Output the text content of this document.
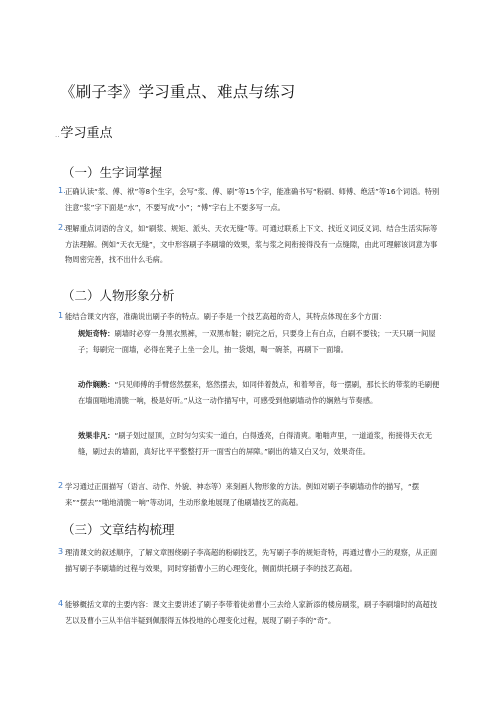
《刷子李》学习重点、难点与练习
..学习重点
（一）生字词掌握
1. 正确认读“浆、傅、袱”等8个生字，会写“浆、傅、刷”等15个字，能准确书写“粉刷、师傅、绝活”等16个词语。特别注意“浆”字下面是“水”，不要写成“小”；“傅”字右上不要多写一点。
2. 理解重点词语的含义，如“刷浆、规矩、派头、天衣无缝”等。可通过联系上下文、找近义词反义词、结合生活实际等方法理解。例如“天衣无缝”，文中形容刷子李刷墙的效果，浆与浆之间衔接得没有一点缝隙，由此可理解该词意为事物周密完善，找不出什么毛病。
（二）人物形象分析
1 能结合课文内容，准确说出刷子李的特点。刷子李是一个技艺高超的奇人，其特点体现在多个方面：
规矩奇特：刷墙时必穿一身黑衣黑裤，一双黑布鞋；刷完之后，只要身上有白点，白刷不要钱；一天只刷一间屋子；每刷完一面墙，必得在凳子上坐一会儿，抽一袋烟，喝一碗茶，再刷下一面墙。
动作娴熟：“只见师傅的手臂悠然摆来，悠然摆去，如同伴着鼓点，和着琴音，每一摆刷，那长长的带浆的毛刷便在墙面啪地清脆一响，极是好听。”从这一动作描写中，可感受到他刷墙动作的娴熟与节奏感。
效果非凡：“刷子划过屋顶，立时匀匀实实一道白，白得透亮，白得清爽。啪啪声里，一道道浆，衔接得天衣无缝，刷过去的墙面，真好比平平整整打开一面雪白的屏障。”刷出的墙又白又匀，效果奇佳。
2 学习通过正面描写（语言、动作、外貌、神态等）来刻画人物形象的方法。例如对刷子李刷墙动作的描写，“摆来”“摆去”“啪地清脆一响”等动词，生动形象地展现了他刷墙技艺的高超。
（三）文章结构梳理
3 理清课文的叙述顺序，了解文章围绕刷子李高超的粉刷技艺，先写刷子李的规矩奇特，再通过曹小三的观察，从正面描写刷子李刷墙的过程与效果，同时穿插曹小三的心理变化，侧面烘托刷子李的技艺高超。
4 能够概括文章的主要内容：课文主要讲述了刷子李带着徒弟曹小三去给人家新添的楼房刷浆，刷子李刷墙时的高超技艺以及曹小三从半信半疑到佩服得五体投地的心理变化过程，展现了刷子李的“奇”。
